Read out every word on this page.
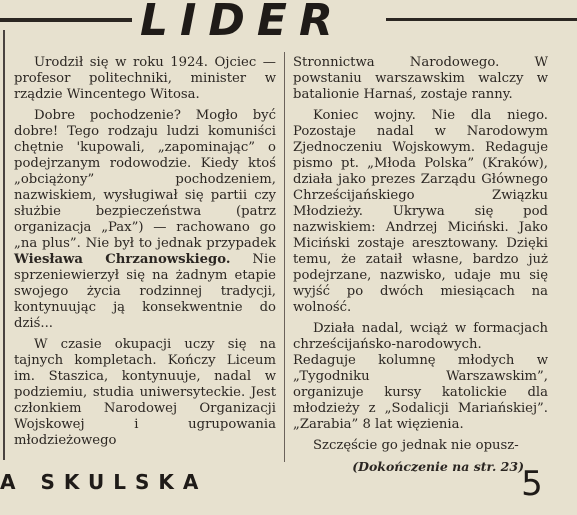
LIDER

Urodził się w roku 1924. Ojciec — profesor politechniki, minister w rządzie Wincentego Witosa.

Dobre pochodzenie? Mogło być dobre! Tego rodzaju ludzi komuniści chętnie 'kupowali, „zapominając” o podejrzanym rodowodzie. Kiedy ktoś „obciążony” pochodzeniem, nazwiskiem, wysługiwał się partii czy służbie bezpieczeństwa (patrz organizacja „Pax”) — rachowano go „na plus”. Nie był to jednak przypadek Wiesława Chrzanowskiego. Nie sprzeniewierzył się na żadnym etapie swojego życia rodzinnej tradycji, kontynuując ją konsekwentnie do dziś...

W czasie okupacji uczy się na tajnych kompletach. Kończy Liceum im. Staszica, kontynuuje, nadal w podziemiu, studia uniwersyteckie. Jest członkiem Narodowej Organizacji Wojskowej i ugrupowania młodzieżowego

Stronnictwa Narodowego. W powstaniu warszawskim walczy w batalionie Harnaś, zostaje ranny.

Koniec wojny. Nie dla niego. Pozostaje nadal w Narodowym Zjednoczeniu Wojskowym. Redaguje pismo pt. „Młoda Polska” (Kraków), działa jako prezes Zarządu Głównego Chrześcijańskiego Związku Młodzieży. Ukrywa się pod nazwiskiem: Andrzej Miciński. Jako Miciński zostaje aresztowany. Dzięki temu, że zataił własne, bardzo już podejrzane, nazwisko, udaje mu się wyjść po dwóch miesiącach na wolność.

Działa nadal, wciąż w formacjach chrześcijańsko-narodowych. Redaguje kolumnę młodych w „Tygodniku Warszawskim”, organizuje kursy katolickie dla młodzieży z „Sodalicji Mariańskiej”. „Zarabia” 8 lat więzienia.

Szczęście go jednak nie opusz-

(Dokończenie na str. 23)

A SKULSKA	5
